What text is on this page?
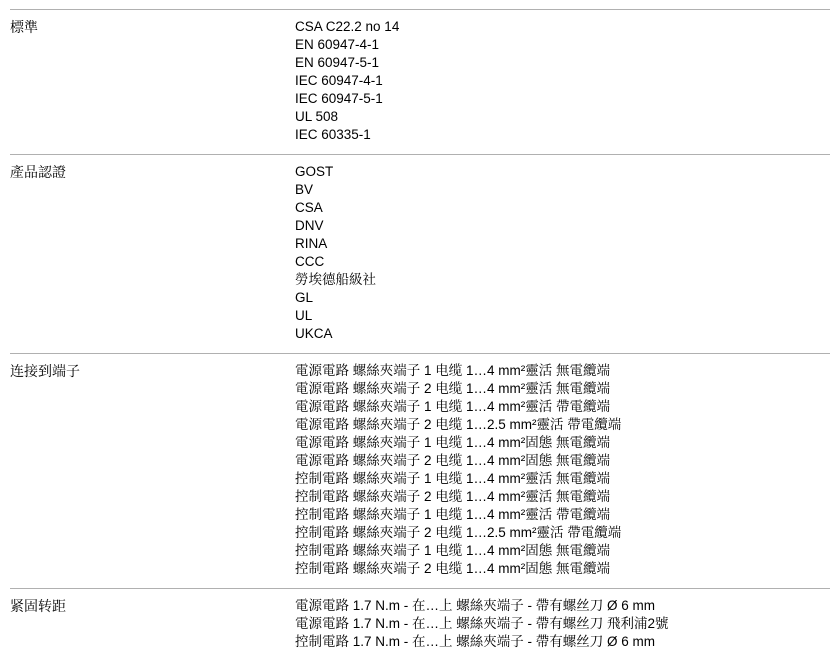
標準	CSA C22.2 no 14
EN 60947-4-1
EN 60947-5-1
IEC 60947-4-1
IEC 60947-5-1
UL 508
IEC 60335-1
產品認證	GOST
BV
CSA
DNV
RINA
CCC
勞埃德船級社
GL
UL
UKCA
连接到端子	電源電路 螺絲夾端子 1 电缆 1…4 mm²靈活 無電纜端
電源電路 螺絲夾端子 2 电缆 1…4 mm²靈活 無電纜端
電源電路 螺絲夾端子 1 电缆 1…4 mm²靈活 帶電纜端
電源電路 螺絲夾端子 2 电缆 1…2.5 mm²靈活 帶電纜端
電源電路 螺絲夾端子 1 电缆 1…4 mm²固態 無電纜端
電源電路 螺絲夾端子 2 电缆 1…4 mm²固態 無電纜端
控制電路 螺絲夾端子 1 电缆 1…4 mm²靈活 無電纜端
控制電路 螺絲夾端子 2 电缆 1…4 mm²靈活 無電纜端
控制電路 螺絲夾端子 1 电缆 1…4 mm²靈活 帶電纜端
控制電路 螺絲夾端子 2 电缆 1…2.5 mm²靈活 帶電纜端
控制電路 螺絲夾端子 1 电缆 1…4 mm²固態 無電纜端
控制電路 螺絲夾端子 2 电缆 1…4 mm²固態 無電纜端
紧固转距	電源電路 1.7 N.m - 在…上 螺絲夾端子 - 帶有螺丝刀 Ø 6 mm
電源電路 1.7 N.m - 在…上 螺絲夾端子 - 帶有螺丝刀 飛利浦2號
控制電路 1.7 N.m - 在…上 螺絲夾端子 - 帶有螺丝刀 Ø 6 mm
